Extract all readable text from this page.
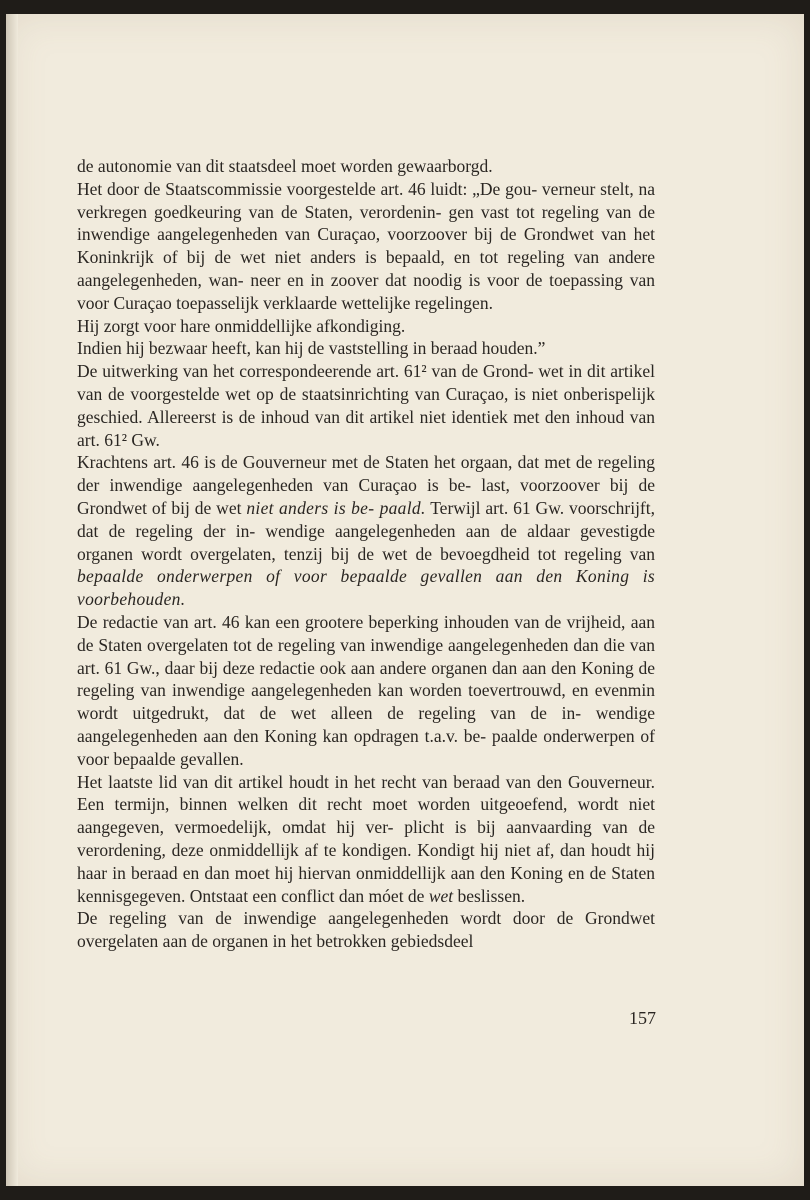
de autonomie van dit staatsdeel moet worden gewaarborgd.

Het door de Staatscommissie voorgestelde art. 46 luidt: „De gou- verneur stelt, na verkregen goedkeuring van de Staten, verordenin- gen vast tot regeling van de inwendige aangelegenheden van Curaçao, voorzoover bij de Grondwet van het Koninkrijk of bij de wet niet anders is bepaald, en tot regeling van andere aangelegenheden, wan- neer en in zoover dat noodig is voor de toepassing van voor Curaçao toepasselijk verklaarde wettelijke regelingen.

Hij zorgt voor hare onmiddellijke afkondiging.

Indien hij bezwaar heeft, kan hij de vaststelling in beraad houden.”

De uitwerking van het correspondeerende art. 61² van de Grond- wet in dit artikel van de voorgestelde wet op de staatsinrichting van Curaçao, is niet onberispelijk geschied. Allereerst is de inhoud van dit artikel niet identiek met den inhoud van art. 61² Gw.

Krachtens art. 46 is de Gouverneur met de Staten het orgaan, dat met de regeling der inwendige aangelegenheden van Curaçao is be- last, voorzoover bij de Grondwet of bij de wet niet anders is be- paald. Terwijl art. 61 Gw. voorschrijft, dat de regeling der in- wendige aangelegenheden aan de aldaar gevestigde organen wordt overgelaten, tenzij bij de wet de bevoegdheid tot regeling van bepaalde onderwerpen of voor bepaalde gevallen aan den Koning is voorbehouden.

De redactie van art. 46 kan een grootere beperking inhouden van de vrijheid, aan de Staten overgelaten tot de regeling van inwendige aangelegenheden dan die van art. 61 Gw., daar bij deze redactie ook aan andere organen dan aan den Koning de regeling van inwendige aangelegenheden kan worden toevertrouwd, en evenmin wordt uitgedrukt, dat de wet alleen de regeling van de in- wendige aangelegenheden aan den Koning kan opdragen t.a.v. be- paalde onderwerpen of voor bepaalde gevallen.

Het laatste lid van dit artikel houdt in het recht van beraad van den Gouverneur. Een termijn, binnen welken dit recht moet worden uitgeoefend, wordt niet aangegeven, vermoedelijk, omdat hij ver- plicht is bij aanvaarding van de verordening, deze onmiddellijk af te kondigen. Kondigt hij niet af, dan houdt hij haar in beraad en dan moet hij hiervan onmiddellijk aan den Koning en de Staten kennisgegeven. Ontstaat een conflict dan móet de wet beslissen.

De regeling van de inwendige aangelegenheden wordt door de Grondwet overgelaten aan de organen in het betrokken gebiedsdeel

157
